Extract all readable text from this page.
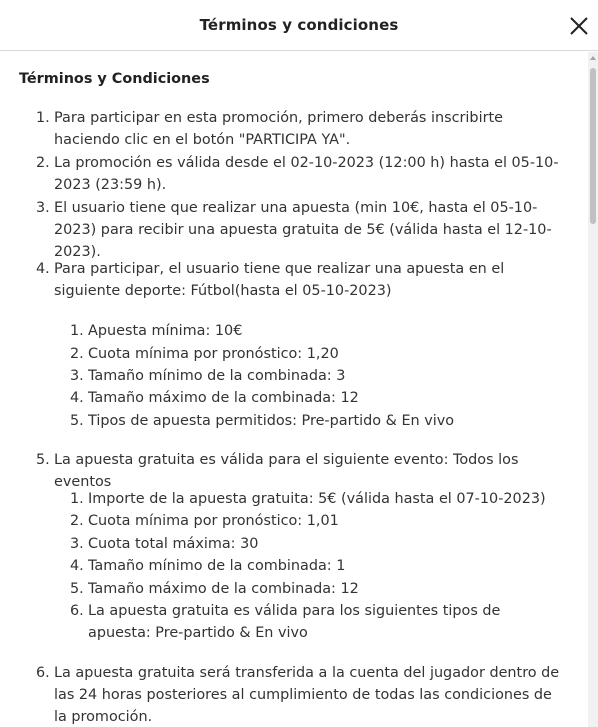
Términos y condiciones
Términos y Condiciones
1. Para participar en esta promoción, primero deberás inscribirte haciendo clic en el botón "PARTICIPA YA".
2. La promoción es válida desde el 02-10-2023 (12:00 h) hasta el 05-10-2023 (23:59 h).
3. El usuario tiene que realizar una apuesta (min 10€, hasta el 05-10-2023) para recibir una apuesta gratuita de 5€ (válida hasta el 12-10-2023).
4. Para participar, el usuario tiene que realizar una apuesta en el siguiente deporte: Fútbol(hasta el 05-10-2023)
1. Apuesta mínima: 10€
2. Cuota mínima por pronóstico: 1,20
3. Tamaño mínimo de la combinada: 3
4. Tamaño máximo de la combinada: 12
5. Tipos de apuesta permitidos: Pre-partido & En vivo
5. La apuesta gratuita es válida para el siguiente evento: Todos los eventos
1. Importe de la apuesta gratuita: 5€ (válida hasta el 07-10-2023)
2. Cuota mínima por pronóstico: 1,01
3. Cuota total máxima: 30
4. Tamaño mínimo de la combinada: 1
5. Tamaño máximo de la combinada: 12
6. La apuesta gratuita es válida para los siguientes tipos de apuesta: Pre-partido & En vivo
6. La apuesta gratuita será transferida a la cuenta del jugador dentro de las 24 horas posteriores al cumplimiento de todas las condiciones de la promoción.
